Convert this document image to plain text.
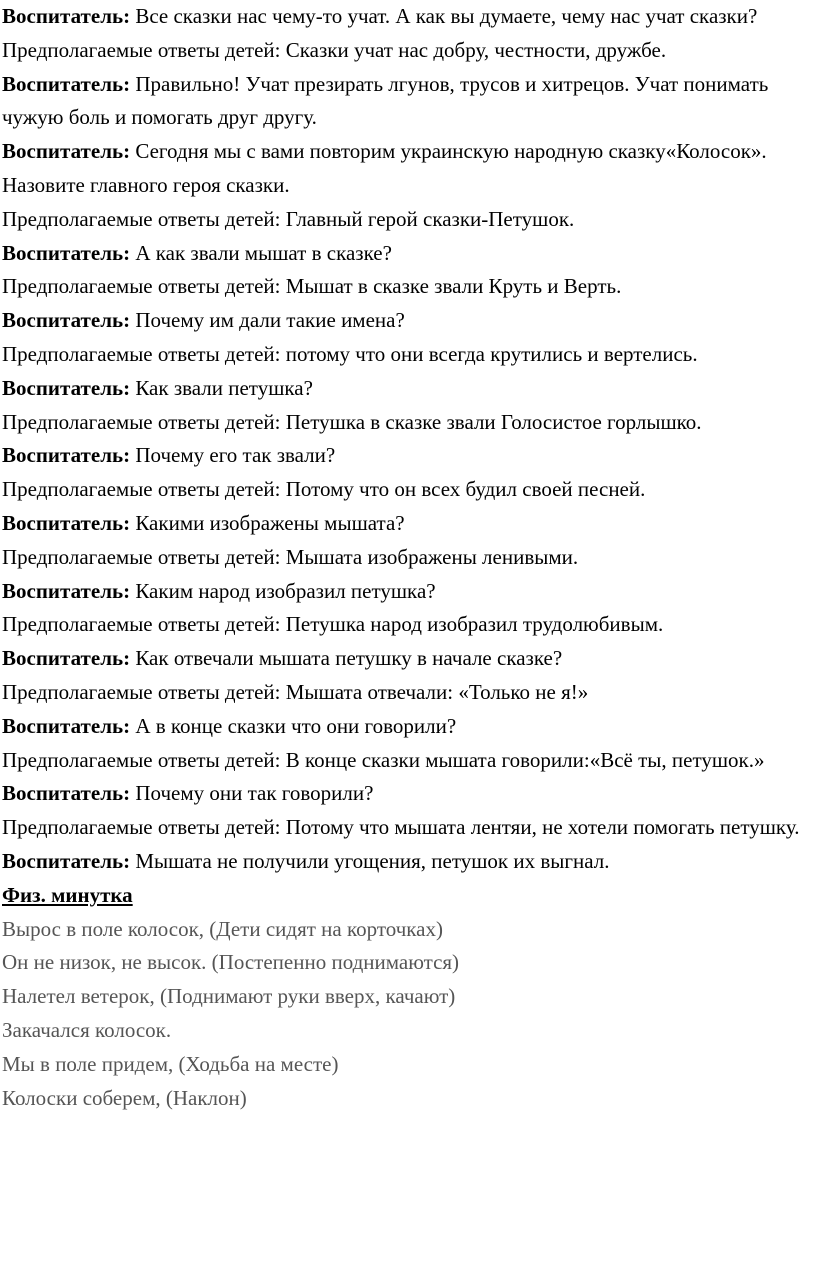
Воспитатель: Все сказки нас чему-то учат. А как вы думаете, чему нас учат сказки?

Предполагаемые ответы детей: Сказки учат нас добру, честности, дружбе.

Воспитатель: Правильно! Учат презирать лгунов, трусов и хитрецов. Учат понимать чужую боль и помогать друг другу.

Воспитатель: Сегодня мы с вами повторим украинскую народную сказку«Колосок».

Назовите главного героя сказки.

Предполагаемые ответы детей: Главный герой сказки-Петушок.

Воспитатель: А как звали мышат в сказке?

Предполагаемые ответы детей: Мышат в сказке звали Круть и Верть.

Воспитатель: Почему им дали такие имена?

Предполагаемые ответы детей: потому что они всегда крутились и вертелись.

Воспитатель: Как звали петушка?

Предполагаемые ответы детей: Петушка в сказке звали Голосистое горлышко.

Воспитатель: Почему его так звали?

Предполагаемые ответы детей: Потому что он всех будил своей песней.

Воспитатель: Какими изображены мышата?

Предполагаемые ответы детей: Мышата изображены ленивыми.

Воспитатель: Каким народ изобразил петушка?

Предполагаемые ответы детей: Петушка народ изобразил трудолюбивым.

Воспитатель: Как отвечали мышата петушку в начале сказке?

Предполагаемые ответы детей: Мышата отвечали: «Только не я!»

Воспитатель: А в конце сказки что они говорили?

Предполагаемые ответы детей: В конце сказки мышата говорили:«Всё ты, петушок.»

Воспитатель: Почему они так говорили?

Предполагаемые ответы детей: Потому что мышата лентяи, не хотели помогать петушку.

Воспитатель: Мышата не получили угощения, петушок их выгнал.

Физ. минутка

Вырос в поле колосок, (Дети сидят на корточках)

Он не низок, не высок. (Постепенно поднимаются)

Налетел ветерок, (Поднимают руки вверх, качают)

Закачался колосок.

Мы в поле придем, (Ходьба на месте)

Колоски соберем, (Наклон)
